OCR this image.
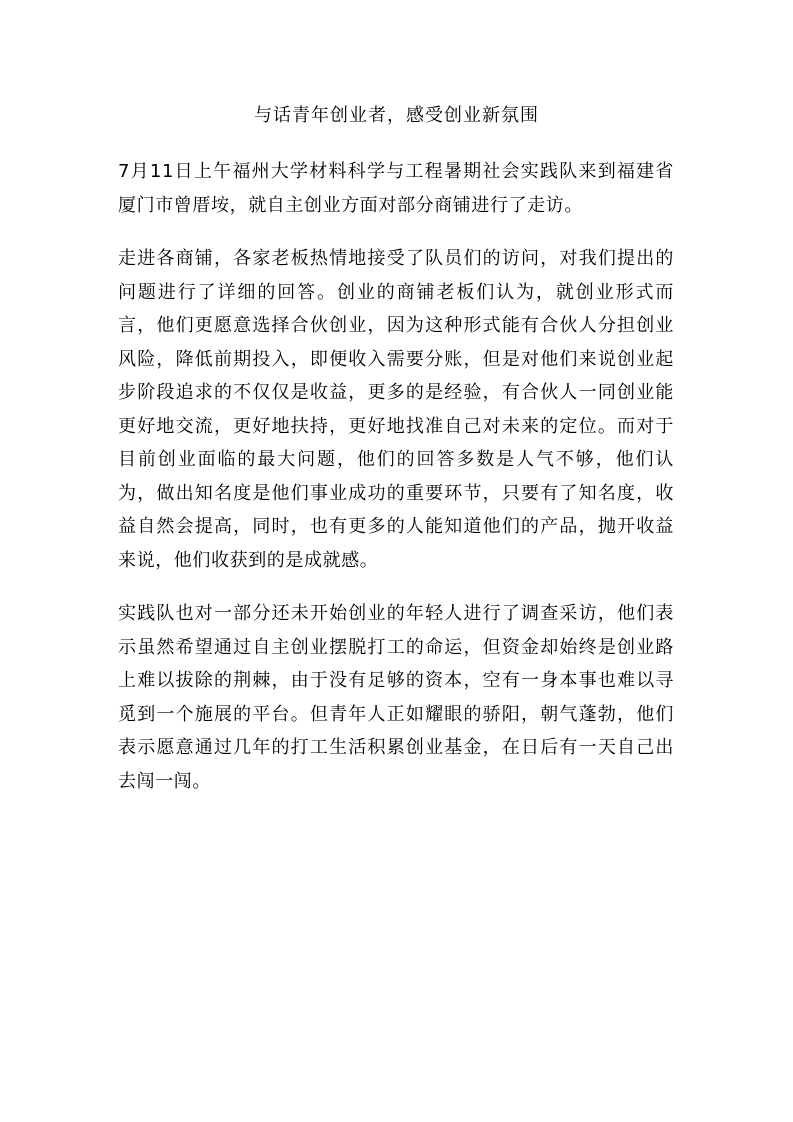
与话青年创业者，感受创业新氛围

7月11日上午福州大学材料科学与工程暑期社会实践队来到福建省厦门市曾厝垵，就自主创业方面对部分商铺进行了走访。

走进各商铺，各家老板热情地接受了队员们的访问，对我们提出的问题进行了详细的回答。创业的商铺老板们认为，就创业形式而言，他们更愿意选择合伙创业，因为这种形式能有合伙人分担创业风险，降低前期投入，即便收入需要分账，但是对他们来说创业起步阶段追求的不仅仅是收益，更多的是经验，有合伙人一同创业能更好地交流，更好地扶持，更好地找准自己对未来的定位。而对于目前创业面临的最大问题，他们的回答多数是人气不够，他们认为，做出知名度是他们事业成功的重要环节，只要有了知名度，收益自然会提高，同时，也有更多的人能知道他们的产品，抛开收益来说，他们收获到的是成就感。

实践队也对一部分还未开始创业的年轻人进行了调查采访，他们表示虽然希望通过自主创业摆脱打工的命运，但资金却始终是创业路上难以拔除的荆棘，由于没有足够的资本，空有一身本事也难以寻觅到一个施展的平台。但青年人正如耀眼的骄阳，朝气蓬勃，他们表示愿意通过几年的打工生活积累创业基金，在日后有一天自己出去闯一闯。
